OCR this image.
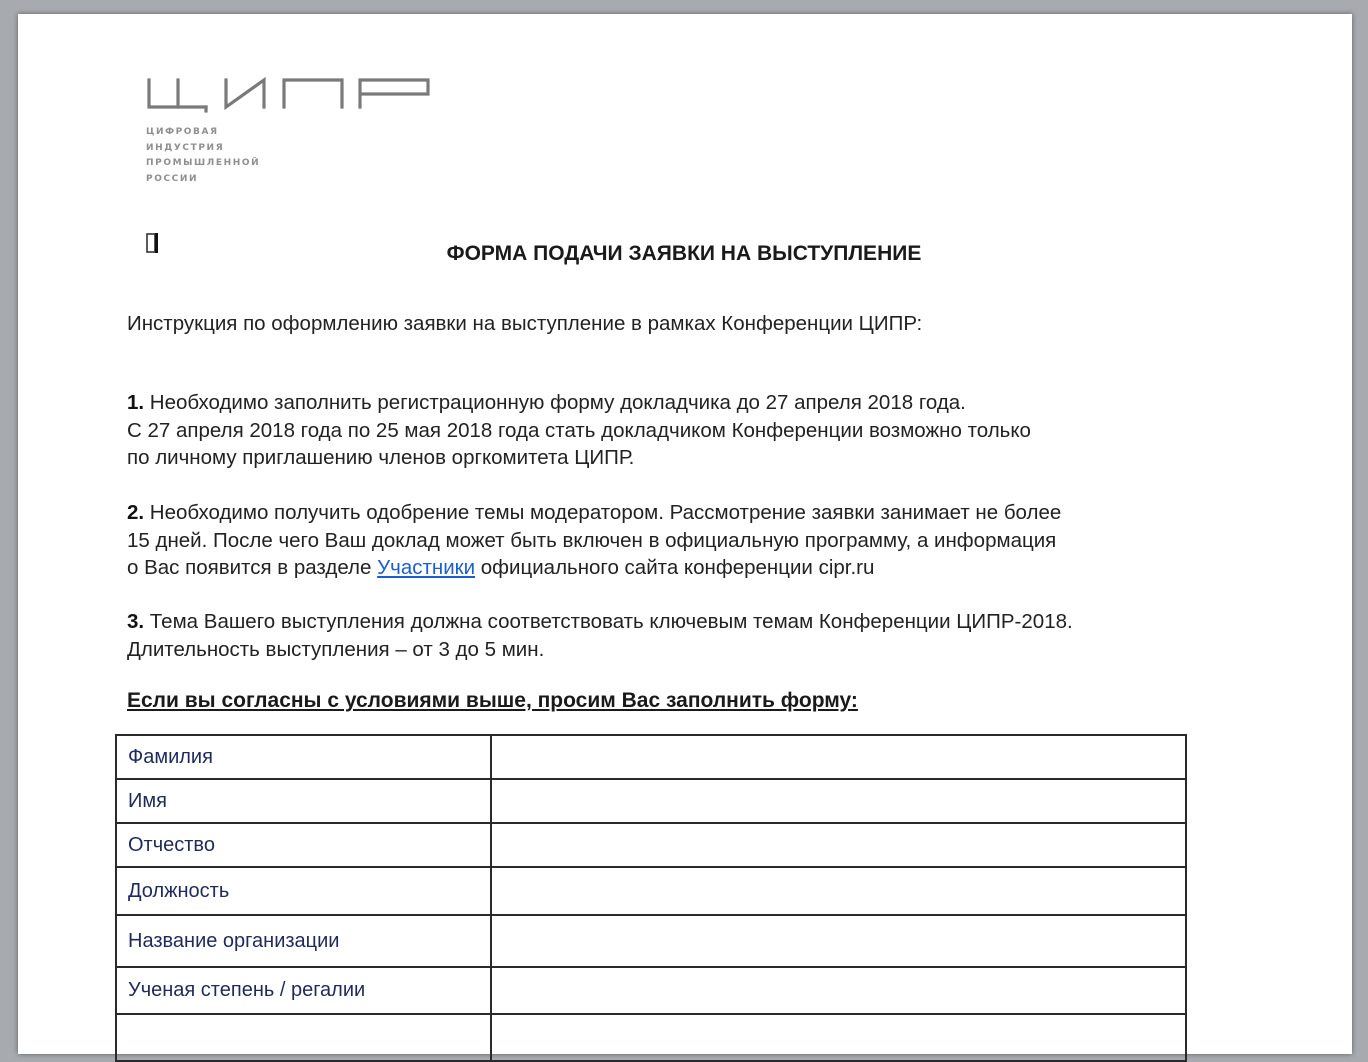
ЦИФРОВАЯ
ИНДУСТРИЯ
ПРОМЫШЛЕННОЙ
РОССИИ
ФОРМА ПОДАЧИ ЗАЯВКИ НА ВЫСТУПЛЕНИЕ
Инструкция по оформлению заявки на выступление в рамках Конференции ЦИПР:
1. Необходимо заполнить регистрационную форму докладчика до 27 апреля 2018 года.
С 27 апреля 2018 года по 25 мая 2018 года стать докладчиком Конференции возможно только
по личному приглашению членов оргкомитета ЦИПР.
2. Необходимо получить одобрение темы модератором. Рассмотрение заявки занимает не более
15 дней. После чего Ваш доклад может быть включен в официальную программу, а информация
о Вас появится в разделе Участники официального сайта конференции cipr.ru
3. Тема Вашего выступления должна соответствовать ключевым темам Конференции ЦИПР-2018.
Длительность выступления – от 3 до 5 мин.
Если вы согласны с условиями выше, просим Вас заполнить форму:
Фамилия	
Имя	
Отчество	
Должность	
Название организации	
Ученая степень / регалии	
